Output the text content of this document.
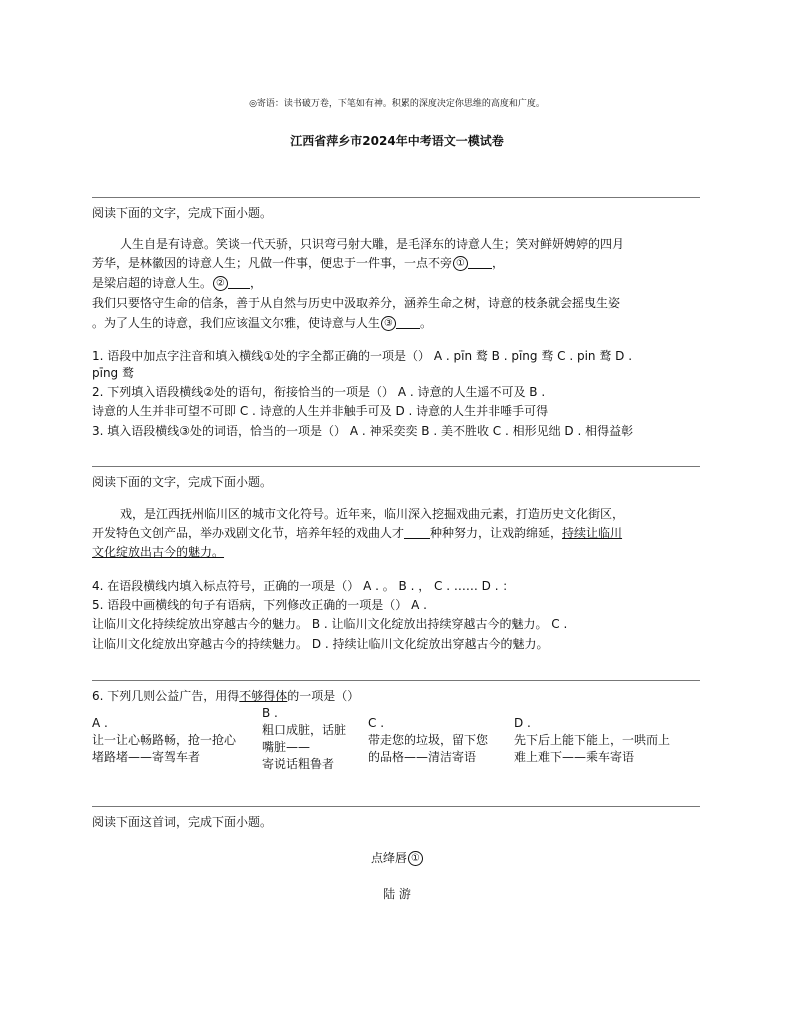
◎寄语：读书破万卷，下笔如有神。积累的深度决定你思维的高度和广度。
江西省萍乡市2024年中考语文一模试卷
阅读下面的文字，完成下面小题。
人生自是有诗意。笑谈一代天骄，只识弯弓射大雕，是毛泽东的诗意人生；笑对鲜妍娉婷的四月
芳华，是林徽因的诗意人生；凡做一件事，便忠于一件事，一点不旁 ① ，
是梁启超的诗意人生。 ② ，
我们只要恪守生命的信条，善于从自然与历史中汲取养分，涵养生命之树，诗意的枝条就会摇曳生姿
。为了人生的诗意，我们应该温文尔雅，使诗意与人生 ③ 。
1. 语段中加点字注音和填入横线①处的字全都正确的一项是（） A . pīn 鹜 B . pīng 骛 C . pin 鹜 D .
pīng 鹜
2. 下列填入语段横线②处的语句，衔接恰当的一项是（） A . 诗意的人生遥不可及 B .
诗意的人生并非可望不可即 C . 诗意的人生并非触手可及 D . 诗意的人生并非唾手可得
3. 填入语段横线③处的词语，恰当的一项是（） A . 神采奕奕 B . 美不胜收 C . 相形见绌 D . 相得益彰
阅读下面的文字，完成下面小题。
戏，是江西抚州临川区的城市文化符号。近年来，临川深入挖掘戏曲元素，打造历史文化街区，
开发特色文创产品，举办戏剧文化节，培养年轻的戏曲人才 种种努力，让戏韵绵延，持续让临川
文化绽放出古今的魅力。
4. 在语段横线内填入标点符号，正确的一项是（） A . 。 B . ， C . …… D . ：
5. 语段中画横线的句子有语病，下列修改正确的一项是（） A .
让临川文化持续绽放出穿越古今的魅力。 B . 让临川文化绽放出持续穿越古今的魅力。 C .
让临川文化绽放出穿越古今的持续魅力。 D . 持续让临川文化绽放出穿越古今的魅力。
6. 下列几则公益广告，用得不够得体的一项是（）
A .
让一让心畅路畅，抢一抢心
堵路堵——寄驾车者
B .
粗口成脏，话脏
嘴脏——
寄说话粗鲁者
C .
带走您的垃圾，留下您
的品格——清洁寄语
D .
先下后上能下能上，一哄而上
难上难下——乘车寄语
阅读下面这首词，完成下面小题。
点绛唇 ①
陆 游
